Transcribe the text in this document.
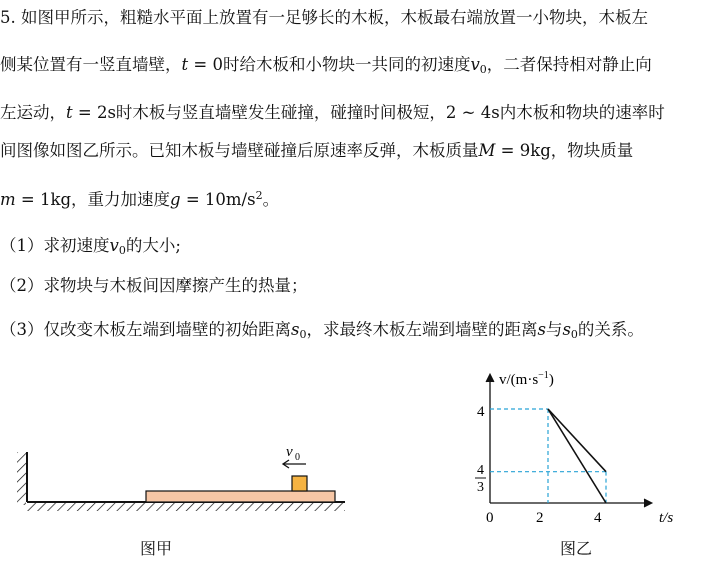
5. 如图甲所示，粗糙水平面上放置有一足够长的木板，木板最右端放置一小物块，木板左
侧某位置有一竖直墙壁，t = 0时给木板和小物块一共同的初速度$v_0$，二者保持相对静止向
左运动，t = 2s时木板与竖直墙壁发生碰撞，碰撞时间极短，2 ~ 4s内木板和物块的速率时
间图像如图乙所示。已知木板与墙壁碰撞后原速率反弹，木板质量M = 9kg，物块质量
m = 1kg，重力加速度$g = 10m/s^2$。
（1）求初速度$v_0$的大小;
（2）求物块与木板间因摩擦产生的热量；
（3）仅改变木板左端到墙壁的初始距离$s_0$，求最终木板左端到墙壁的距离s与$s_0$的关系。
v 0
图甲
$v/(m\cdot s^{-1})$
t/s
4
4
3
0	2	4
图乙
